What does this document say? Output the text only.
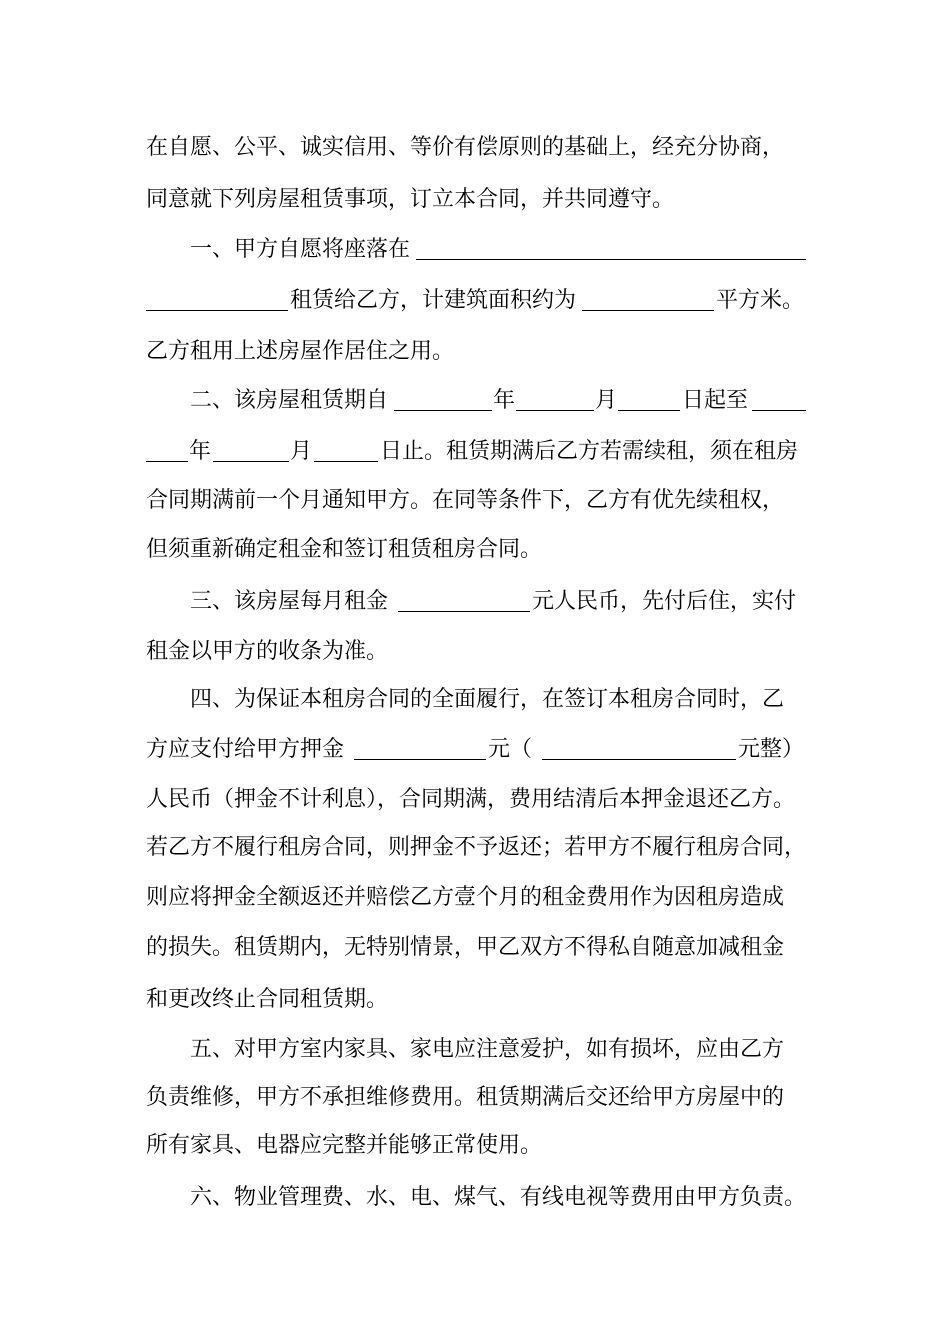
在自愿、公平、诚实信用、等价有偿原则的基础上，经充分协商，

同意就下列房屋租赁事项，订立本合同，并共同遵守。

一、甲方自愿将座落在

租赁给乙方，计建筑面积约为

	平方米。

乙方租用上述房屋作居住之用。

二、该房屋租赁期自

	年

	月

	日起至

年

	月

	日止。租赁期满后乙方若需续租，须在租房

合同期满前一个月通知甲方。在同等条件下，乙方有优先续租权，

但须重新确定租金和签订租赁租房合同。

三、该房屋每月租金

	元人民币，先付后住，实付

租金以甲方的收条为准。

四、为保证本租房合同的全面履行，在签订本租房合同时，乙

方应支付给甲方押金

	元（

	元整）

人民币（押金不计利息），合同期满，费用结清后本押金退还乙方。

若乙方不履行租房合同，则押金不予返还；若甲方不履行租房合同，

则应将押金全额返还并赔偿乙方壹个月的租金费用作为因租房造成

的损失。租赁期内，无特别情景，甲乙双方不得私自随意加减租金

和更改终止合同租赁期。

五、对甲方室内家具、家电应注意爱护，如有损坏，应由乙方

负责维修，甲方不承担维修费用。租赁期满后交还给甲方房屋中的

所有家具、电器应完整并能够正常使用。

六、物业管理费、水、电、煤气、有线电视等费用由甲方负责。
